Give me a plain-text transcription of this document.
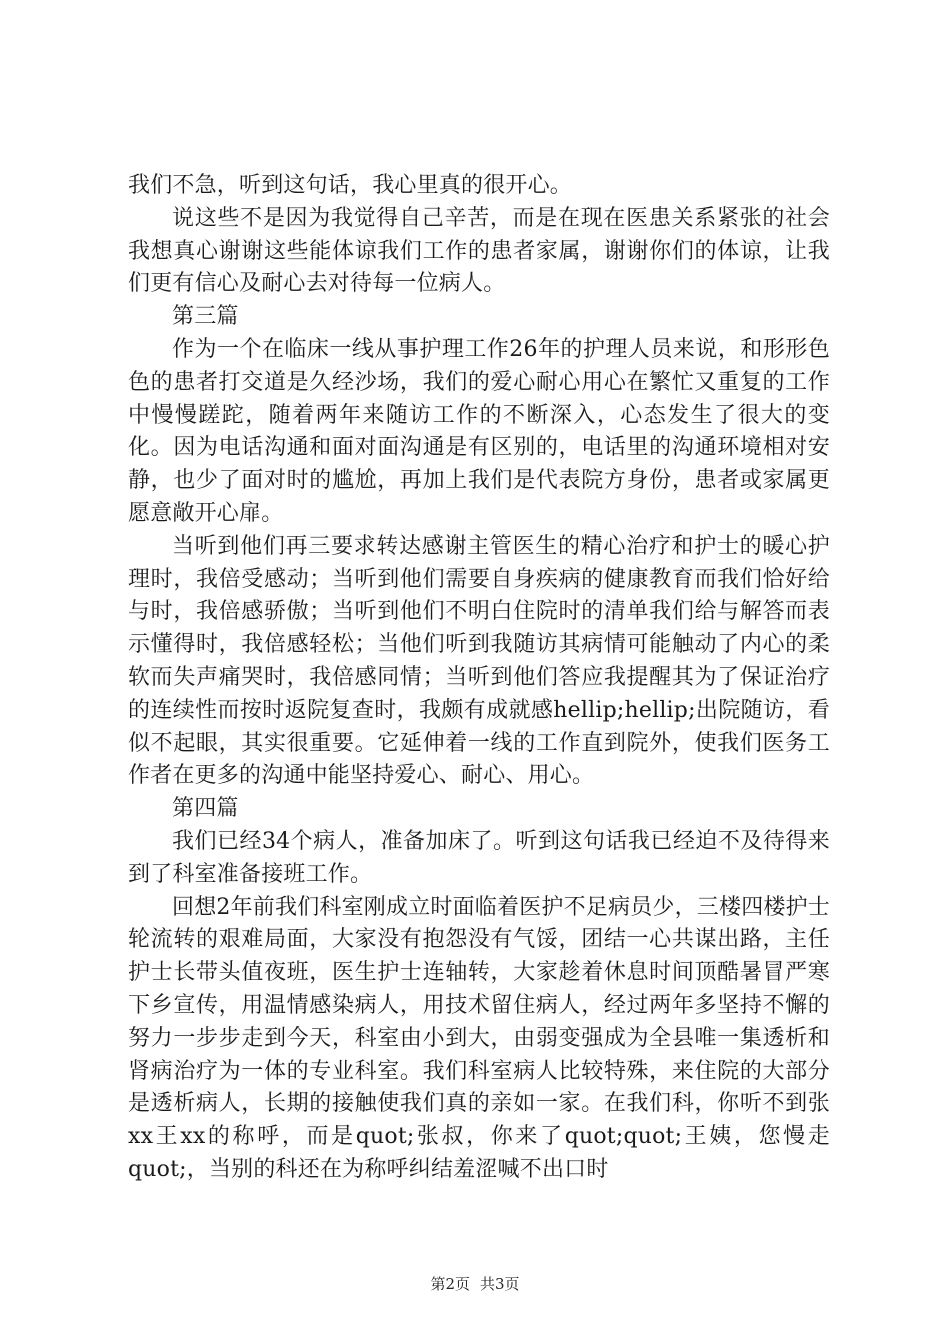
我们不急，听到这句话，我心里真的很开心。

说这些不是因为我觉得自己辛苦，而是在现在医患关系紧张的社会我想真心谢谢这些能体谅我们工作的患者家属，谢谢你们的体谅，让我们更有信心及耐心去对待每一位病人。

第三篇

作为一个在临床一线从事护理工作26年的护理人员来说，和形形色色的患者打交道是久经沙场，我们的爱心耐心用心在繁忙又重复的工作中慢慢蹉跎，随着两年来随访工作的不断深入，心态发生了很大的变化。因为电话沟通和面对面沟通是有区别的，电话里的沟通环境相对安静，也少了面对时的尴尬，再加上我们是代表院方身份，患者或家属更愿意敞开心扉。

当听到他们再三要求转达感谢主管医生的精心治疗和护士的暖心护理时，我倍受感动；当听到他们需要自身疾病的健康教育而我们恰好给与时，我倍感骄傲；当听到他们不明白住院时的清单我们给与解答而表示懂得时，我倍感轻松；当他们听到我随访其病情可能触动了内心的柔软而失声痛哭时，我倍感同情；当听到他们答应我提醒其为了保证治疗的连续性而按时返院复查时，我颇有成就感hellip;hellip;出院随访，看似不起眼，其实很重要。它延伸着一线的工作直到院外，使我们医务工作者在更多的沟通中能坚持爱心、耐心、用心。

第四篇

我们已经34个病人，准备加床了。听到这句话我已经迫不及待得来到了科室准备接班工作。

回想2年前我们科室刚成立时面临着医护不足病员少，三楼四楼护士轮流转的艰难局面，大家没有抱怨没有气馁，团结一心共谋出路，主任护士长带头值夜班，医生护士连轴转，大家趁着休息时间顶酷暑冒严寒下乡宣传，用温情感染病人，用技术留住病人，经过两年多坚持不懈的努力一步步走到今天，科室由小到大，由弱变强成为全县唯一集透析和肾病治疗为一体的专业科室。我们科室病人比较特殊，来住院的大部分是透析病人，长期的接触使我们真的亲如一家。在我们科，你听不到张xx王xx的称呼，而是quot;张叔，你来了quot;quot;王姨，您慢走quot;，当别的科还在为称呼纠结羞涩喊不出口时

第2页 共3页
